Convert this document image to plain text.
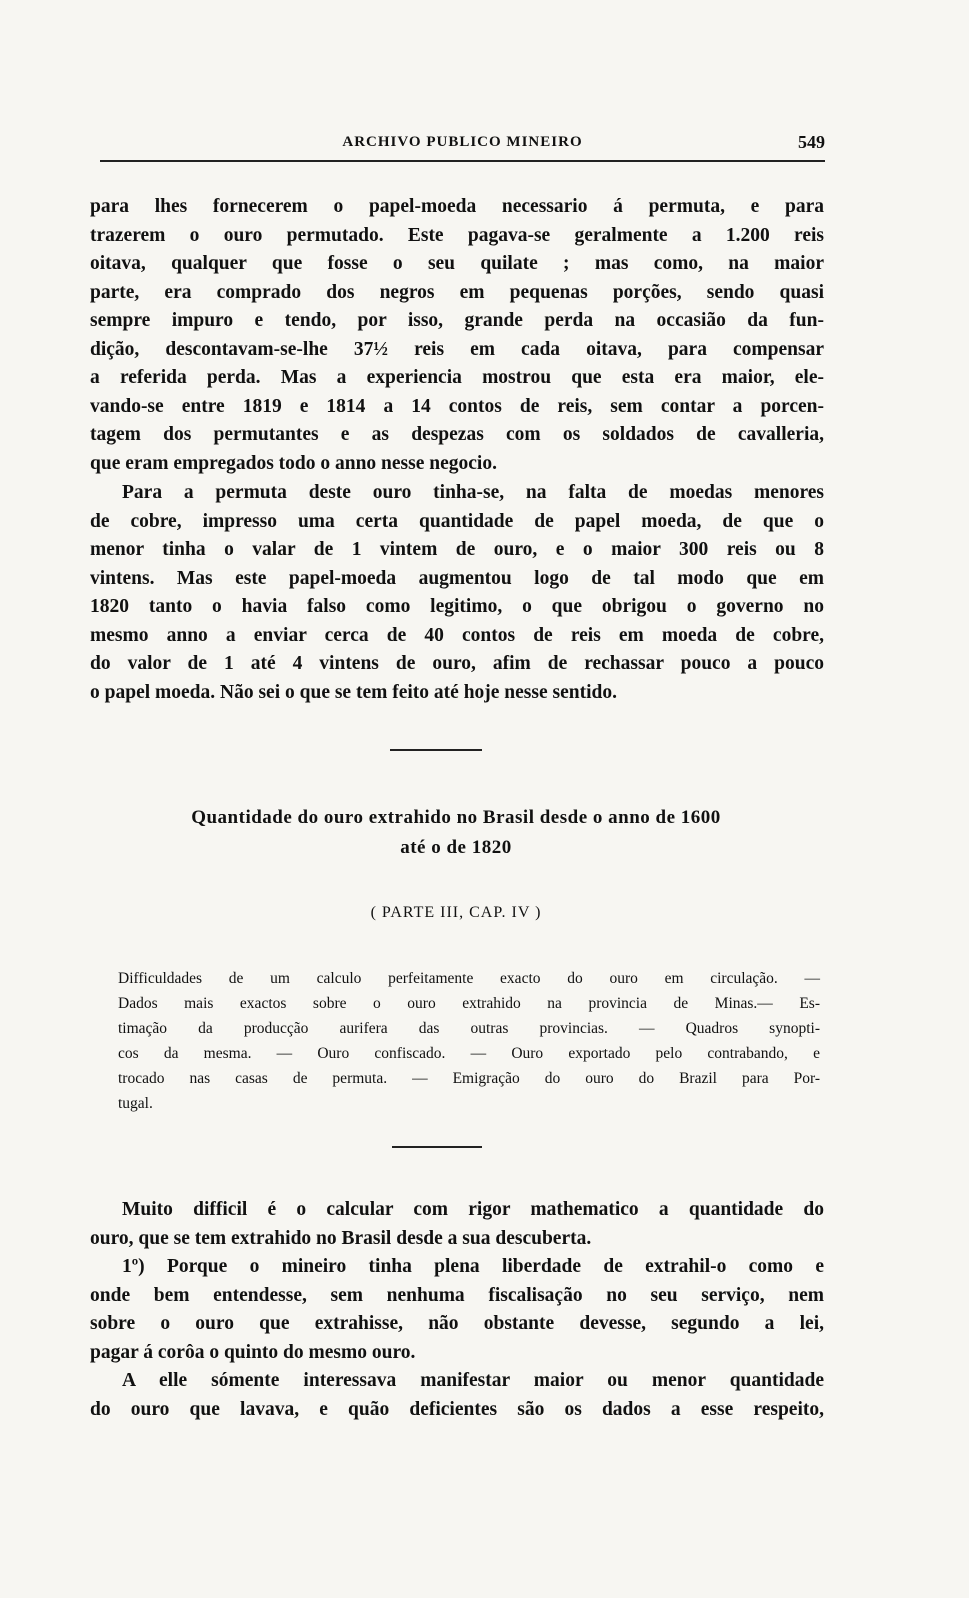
ARCHIVO PUBLICO MINEIRO	549
para lhes fornecerem o papel-moeda necessario á permuta, e para
trazerem o ouro permutado. Este pagava-se geralmente a 1.200 reis
oitava, qualquer que fosse o seu quilate ; mas como, na maior
parte, era comprado dos negros em pequenas porções, sendo quasi
sempre impuro e tendo, por isso, grande perda na occasião da fun-
dição, descontavam-se-lhe 37½ reis em cada oitava, para compensar
a referida perda. Mas a experiencia mostrou que esta era maior, ele-
vando-se entre 1819 e 1814 a 14 contos de reis, sem contar a porcen-
tagem dos permutantes e as despezas com os soldados de cavalleria,
que eram empregados todo o anno nesse negocio.
Para a permuta deste ouro tinha-se, na falta de moedas menores
de cobre, impresso uma certa quantidade de papel moeda, de que o
menor tinha o valar de 1 vintem de ouro, e o maior 300 reis ou 8
vintens. Mas este papel-moeda augmentou logo de tal modo que em
1820 tanto o havia falso como legitimo, o que obrigou o governo no
mesmo anno a enviar cerca de 40 contos de reis em moeda de cobre,
do valor de 1 até 4 vintens de ouro, afim de rechassar pouco a pouco
o papel moeda. Não sei o que se tem feito até hoje nesse sentido.
Quantidade do ouro extrahido no Brasil desde o anno de 1600
até o de 1820
( PARTE III, CAP. IV )
Difficuldades de um calculo perfeitamente exacto do ouro em circulação. —
Dados mais exactos sobre o ouro extrahido na provincia de Minas.— Es-
timação da producção aurifera das outras provincias. — Quadros synopti-
cos da mesma. — Ouro confiscado. — Ouro exportado pelo contrabando, e
trocado nas casas de permuta. — Emigração do ouro do Brazil para Por-
tugal.
Muito difficil é o calcular com rigor mathematico a quantidade do
ouro, que se tem extrahido no Brasil desde a sua descuberta.
1º) Porque o mineiro tinha plena liberdade de extrahil-o como e
onde bem entendesse, sem nenhuma fiscalisação no seu serviço, nem
sobre o ouro que extrahisse, não obstante devesse, segundo a lei,
pagar á corôa o quinto do mesmo ouro.
A elle sómente interessava manifestar maior ou menor quantidade
do ouro que lavava, e quão deficientes são os dados a esse respeito,
